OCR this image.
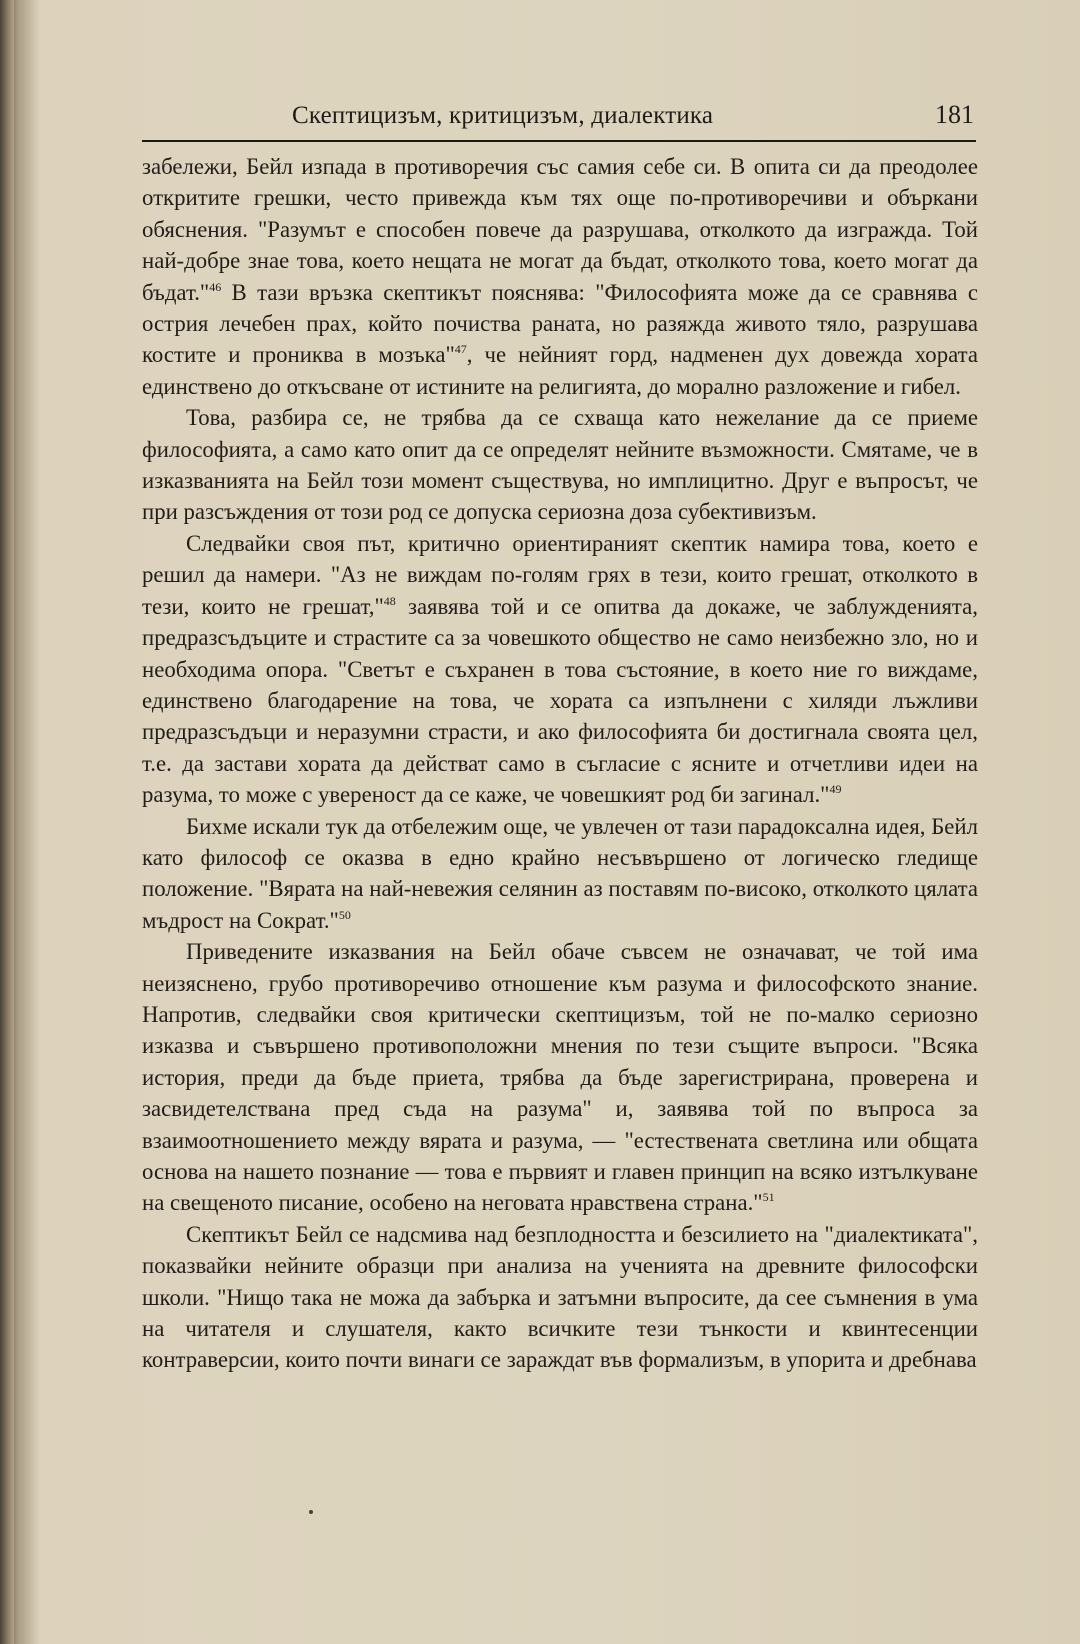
Скептицизъм, критицизъм, диалектика	181

забележи, Бейл изпада в противоречия със самия себе си. В опита си да преодолее откритите грешки, често привежда към тях още по-противоречиви и объркани обяснения. "Разумът е способен повече да разрушава, отколкото да изгражда. Той най-добре знае това, което нещата не могат да бъдат, отколкото това, което могат да бъдат."$^{46}$ В тази връзка скептикът пояснява: "Философията може да се сравнява с острия лечебен прах, който почиства раната, но разяжда живото тяло, разрушава костите и прониква в мозъка"$^{47}$, че нейният горд, надменен дух довежда хората единствено до откъсване от истините на религията, до морално разложение и гибел.

Това, разбира се, не трябва да се схваща като нежелание да се приеме философията, а само като опит да се определят нейните възможности. Смятаме, че в изказванията на Бейл този момент съществува, но имплицитно. Друг е въпросът, че при разсъждения от този род се допуска сериозна доза субективизъм.

Следвайки своя път, критично ориентираният скептик намира това, което е решил да намери. "Аз не виждам по-голям грях в тези, които грешат, отколкото в тези, които не грешат,"$^{48}$ заявява той и се опитва да докаже, че заблужденията, предразсъдъците и страстите са за човешкото общество не само неизбежно зло, но и необходима опора. "Светът е съхранен в това състояние, в което ние го виждаме, единствено благодарение на това, че хората са изпълнени с хиляди лъжливи предразсъдъци и неразумни страсти, и ако философията би достигнала своята цел, т.е. да застави хората да действат само в съгласие с ясните и отчетливи идеи на разума, то може с увереност да се каже, че човешкият род би загинал."$^{49}$

Бихме искали тук да отбележим още, че увлечен от тази парадоксална идея, Бейл като философ се оказва в едно крайно несъвършено от логическо гледище положение. "Вярата на най-невежия селянин аз поставям по-високо, отколкото цялата мъдрост на Сократ."$^{50}$

Приведените изказвания на Бейл обаче съвсем не означават, че той има неизяснено, грубо противоречиво отношение към разума и философското знание. Напротив, следвайки своя критически скептицизъм, той не по-малко сериозно изказва и съвършено противоположни мнения по тези същите въпроси. "Всяка история, преди да бъде приета, трябва да бъде зарегистрирана, проверена и засвидетелствана пред съда на разума" и, заявява той по въпроса за взаимоотношението между вярата и разума, — "естествената светлина или общата основа на нашето познание — това е първият и главен принцип на всяко изтълкуване на свещеното писание, особено на неговата нравствена страна."$^{51}$

Скептикът Бейл се надсмива над безплодността и безсилието на "диалектиката", показвайки нейните образци при анализа на ученията на древните философски школи. "Нищо така не можа да забърка и затъмни въпросите, да сее съмнения в ума на читателя и слушателя, както всичките тези тънкости и квинтесенции контраверсии, които почти винаги се зараждат във формализъм, в упорита и дребнава
